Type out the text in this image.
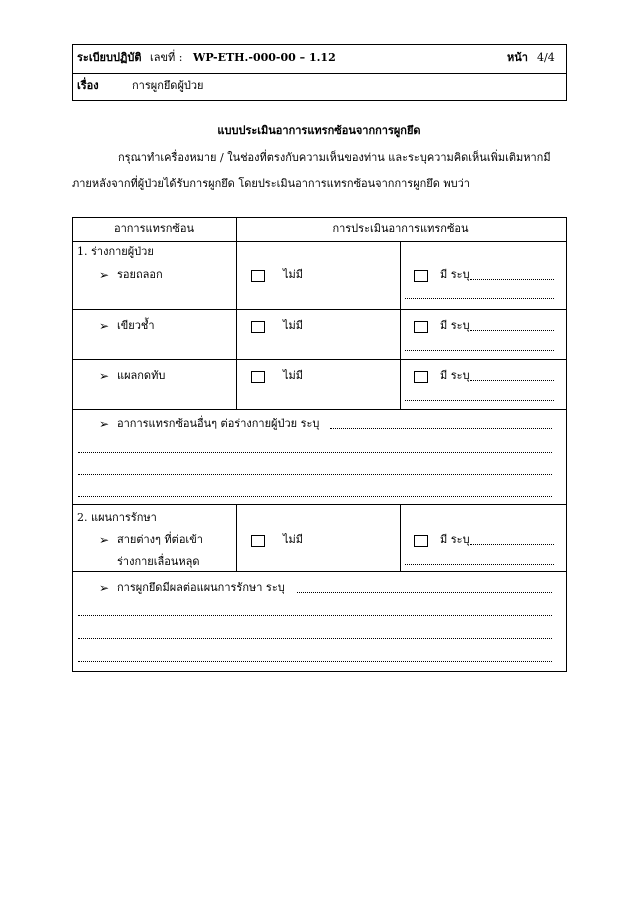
ระเบียบปฏิบัติ เลขที่ : WP-ETH.-000-00 – 1.12	หน้า 4/4
เรื่อง	การผูกยึดผู้ป่วย
แบบประเมินอาการแทรกซ้อนจากการผูกยึด
กรุณาทำเครื่องหมาย / ในช่องที่ตรงกับความเห็นของท่าน และระบุความคิดเห็นเพิ่มเติมหากมี
ภายหลังจากที่ผู้ป่วยได้รับการผูกยึด โดยประเมินอาการแทรกซ้อนจากการผูกยึด พบว่า
อาการแทรกซ้อน	การประเมินอาการแทรกซ้อน
1. ร่างกายผู้ป่วย
➢ รอยถลอก	ไม่มี	มี ระบุ
➢ เขียวช้ำ	ไม่มี	มี ระบุ
➢ แผลกดทับ	ไม่มี	มี ระบุ
➢ อาการแทรกซ้อนอื่นๆ ต่อร่างกายผู้ป่วย ระบุ
2. แผนการรักษา
➢ สายต่างๆ ที่ต่อเข้า
ร่างกายเลื่อนหลุด
ไม่มี	มี ระบุ
➢ การผูกยึดมีผลต่อแผนการรักษา ระบุ
